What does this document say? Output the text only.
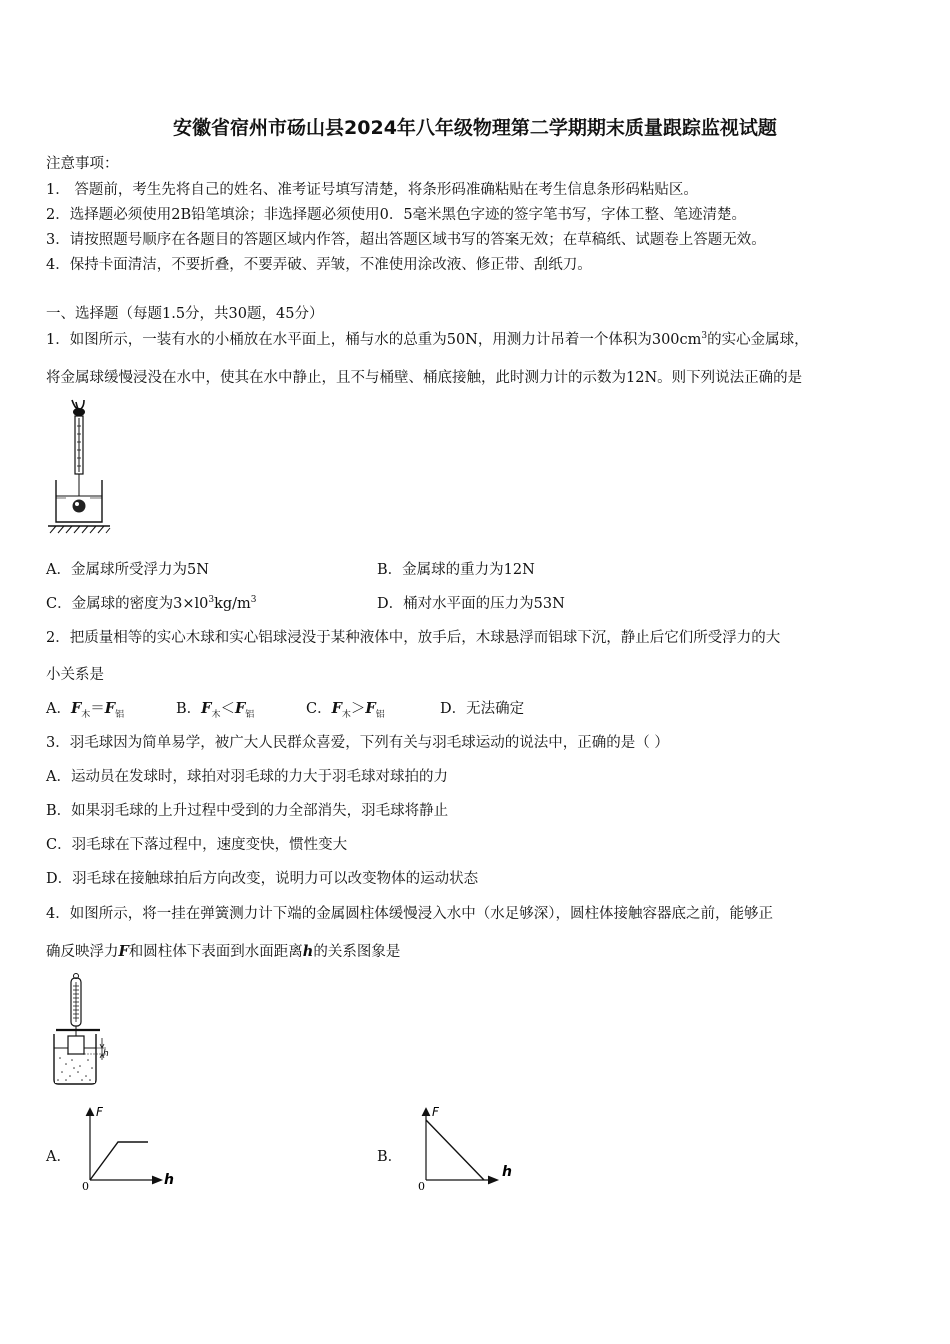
安徽省宿州市砀山县2024年八年级物理第二学期期末质量跟踪监视试题
注意事项：
1． 答题前，考生先将自己的姓名、准考证号填写清楚，将条形码准确粘贴在考生信息条形码粘贴区。
2．选择题必须使用2B铅笔填涂；非选择题必须使用0．5毫米黑色字迹的签字笔书写，字体工整、笔迹清楚。
3．请按照题号顺序在各题目的答题区域内作答，超出答题区域书写的答案无效；在草稿纸、试题卷上答题无效。
4．保持卡面清洁，不要折叠，不要弄破、弄皱，不准使用涂改液、修正带、刮纸刀。
一、选择题（每题1.5分，共30题，45分）
1．如图所示，一装有水的小桶放在水平面上，桶与水的总重为50N，用测力计吊着一个体积为$300cm^3$的实心金属球，
将金属球缓慢浸没在水中，使其在水中静止，且不与桶壁、桶底接触，此时测力计的示数为12N。则下列说法正确的是
A．金属球所受浮力为5N	B．金属球的重力为12N
C．金属球的密度为$3\times l0^3kg/m^3$	D．桶对水平面的压力为53N
2．把质量相等的实心木球和实心铝球浸没于某种液体中，放手后，木球悬浮而铝球下沉，静止后它们所受浮力的大
小关系是
A．$F_木=F_铝$	B．$F_木<F_铝$	C．$F_木>F_铝$	D．无法确定
3．羽毛球因为简单易学，被广大人民群众喜爱，下列有关与羽毛球运动的说法中，正确的是（ ）
A．运动员在发球时，球拍对羽毛球的力大于羽毛球对球拍的力
B．如果羽毛球的上升过程中受到的力全部消失，羽毛球将静止
C．羽毛球在下落过程中，速度变快，惯性变大
D．羽毛球在接触球拍后方向改变，说明力可以改变物体的运动状态
4．如图所示，将一挂在弹簧测力计下端的金属圆柱体缓慢浸入水中（水足够深），圆柱体接触容器底之前，能够正
确反映浮力F和圆柱体下表面到水面距离h的关系图象是
h
A．
F
h
0
B．
F
h
0
